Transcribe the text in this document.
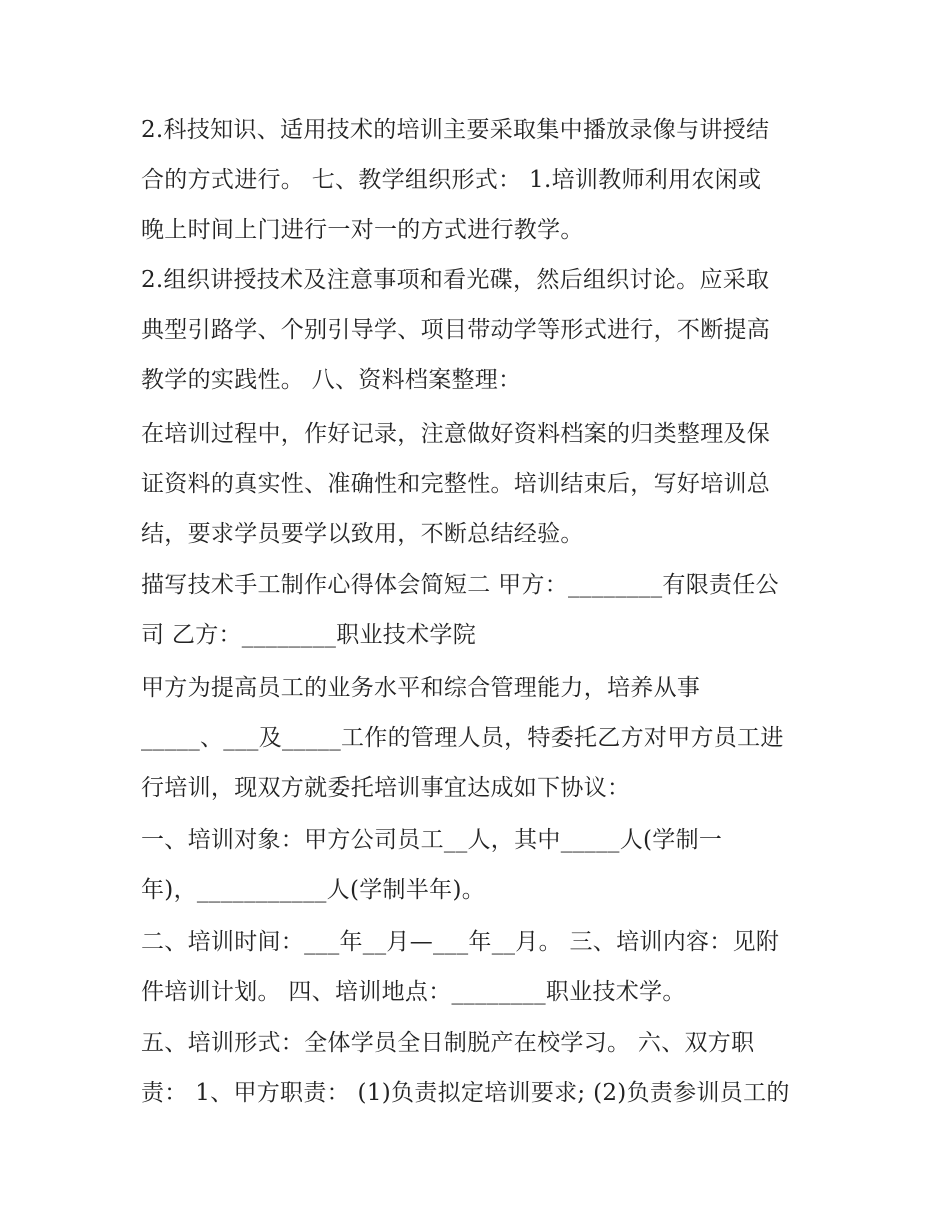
2.科技知识、适用技术的培训主要采取集中播放录像与讲授结
合的方式进行。 七、教学组织形式： 1.培训教师利用农闲或
晚上时间上门进行一对一的方式进行教学。
2.组织讲授技术及注意事项和看光碟，然后组织讨论。应采取
典型引路学、个别引导学、项目带动学等形式进行，不断提高
教学的实践性。 八、资料档案整理：
在培训过程中，作好记录，注意做好资料档案的归类整理及保
证资料的真实性、准确性和完整性。培训结束后，写好培训总
结，要求学员要学以致用，不断总结经验。
描写技术手工制作心得体会简短二 甲方：________有限责任公
司 乙方：________职业技术学院
甲方为提高员工的业务水平和综合管理能力，培养从事
_____、___及_____工作的管理人员，特委托乙方对甲方员工进
行培训，现双方就委托培训事宜达成如下协议：
一、培训对象：甲方公司员工__人，其中_____人(学制一
年)，___________人(学制半年)。
二、培训时间：___年__月—___年__月。 三、培训内容：见附
件培训计划。 四、培训地点：________职业技术学。
五、培训形式：全体学员全日制脱产在校学习。 六、双方职
责： 1、甲方职责： (1)负责拟定培训要求; (2)负责参训员工的
